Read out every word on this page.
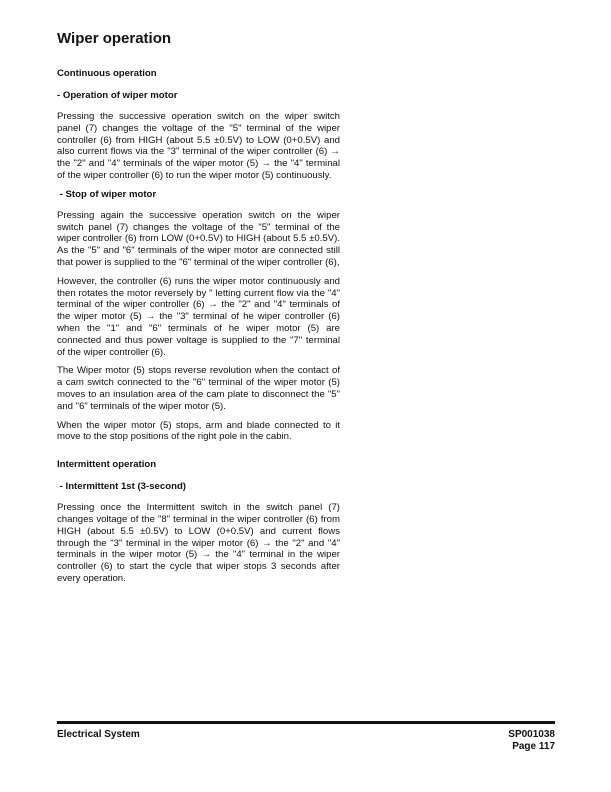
Wiper operation
Continuous operation
- Operation of wiper motor

Pressing the successive operation switch on the wiper switch panel (7) changes the voltage of the "5" terminal of the wiper controller (6) from HIGH (about 5.5 ±0.5V) to LOW (0+0.5V) and also current flows via the "3" terminal of the wiper controller (6) → the "2" and "4" terminals of the wiper motor (5) → the "4" terminal of the wiper controller (6) to run the wiper motor (5) continuously.

- Stop of wiper motor

Pressing again the successive operation switch on the wiper switch panel (7) changes the voltage of the "5" terminal of the wiper controller (6) from LOW (0+0.5V) to HIGH (about 5.5 ±0.5V). As the "5" and "6" terminals of the wiper motor are connected still that power is supplied to the "6" terminal of the wiper controller (6),

However, the controller (6) runs the wiper motor continuously and then rotates the motor reversely by " letting current flow via the "4" terminal of the wiper controller (6) → the "2" and "4" terminals of the wiper motor (5) → the "3" terminal of he wiper controller (6) when the "1" and "6" terminals of he wiper motor (5) are connected and thus power voltage is supplied to the "7" terminal of the wiper controller (6).

The Wiper motor (5) stops reverse revolution when the contact of a cam switch connected to the "6" terminal of the wiper motor (5) moves to an insulation area of the cam plate to disconnect the "5" and "6" terminals of the wiper motor (5).

When the wiper motor (5) stops, arm and blade connected to it move to the stop positions of the right pole in the cabin.

Intermittent operation
- Intermittent 1st (3-second)

Pressing once the Intermittent switch in the switch panel (7) changes voltage of the "8" terminal in the wiper controller (6) from HIGH (about 5.5 ±0.5V) to LOW (0+0.5V) and current flows through the "3" terminal in the wiper motor (6) → the "2" and "4" terminals in the wiper motor (5) → the "4" terminal in the wiper controller (6) to start the cycle that wiper stops 3 seconds after every operation.

Electrical System	SP001038
Page 117
